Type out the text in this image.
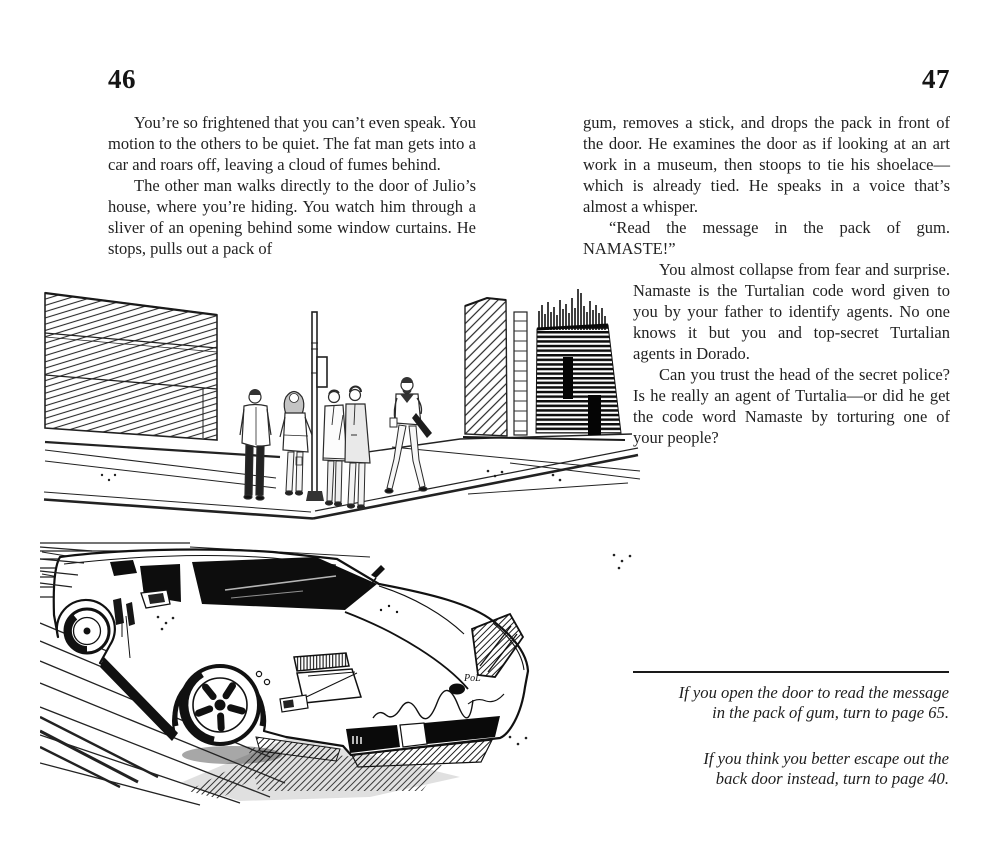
46	47

You’re so frightened that you can’t even speak. You motion to the others to be quiet. The fat man gets into a car and roars off, leaving a cloud of fumes behind.

The other man walks directly to the door of Julio’s house, where you’re hiding. You watch him through a sliver of an opening behind some window curtains. He stops, pulls out a pack of

gum, removes a stick, and drops the pack in front of the door. He examines the door as if looking at an art work in a museum, then stoops to tie his shoelace—which is already tied. He speaks in a voice that’s almost a whisper.

“Read the message in the pack of gum. NAMASTE!”

You almost collapse from fear and surprise. Namaste is the Turtalian code word given to you by your father to identify agents. No one knows it but you and top-secret Turtalian agents in Dorado.

Can you trust the head of the secret police? Is he really an agent of Turtalia—or did he get the code word Namaste by torturing one of your people?

PoL

If you open the door to read the message
in the pack of gum, turn to page 65.

If you think you better escape out the
back door instead, turn to page 40.
